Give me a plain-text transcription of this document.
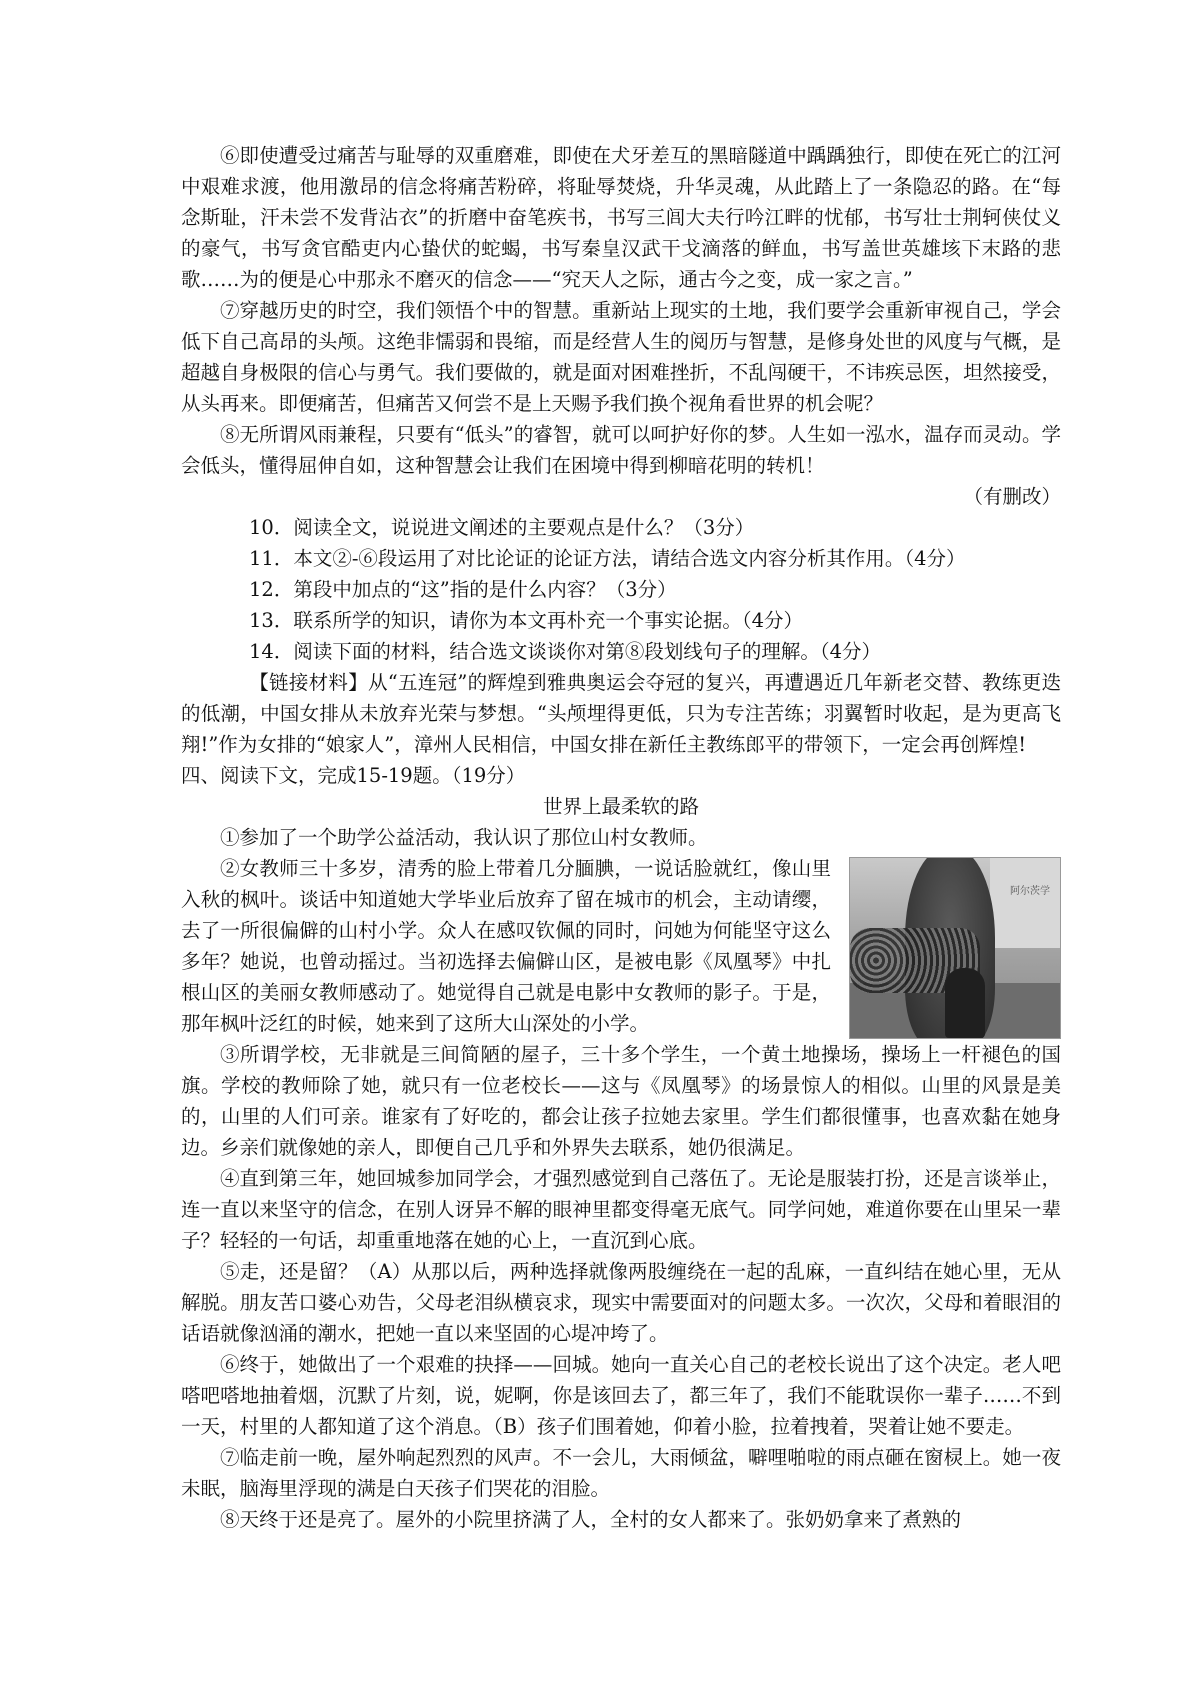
⑥即使遭受过痛苦与耻辱的双重磨难，即使在犬牙差互的黑暗隧道中踽踽独行，即使在死亡的江河中艰难求渡，他用激昂的信念将痛苦粉碎，将耻辱焚烧，升华灵魂，从此踏上了一条隐忍的路。在“每念斯耻，汗未尝不发背沾衣”的折磨中奋笔疾书，书写三闾大夫行吟江畔的忧郁，书写壮士荆轲侠仗义的豪气，书写贪官酷吏内心蛰伏的蛇蝎，书写秦皇汉武干戈滴落的鲜血，书写盖世英雄垓下末路的悲歌……为的便是心中那永不磨灭的信念——“究天人之际，通古今之变，成一家之言。”

⑦穿越历史的时空，我们领悟个中的智慧。重新站上现实的土地，我们要学会重新审视自己，学会低下自己高昂的头颅。这绝非懦弱和畏缩，而是经营人生的阅历与智慧，是修身处世的风度与气概，是超越自身极限的信心与勇气。我们要做的，就是面对困难挫折，不乱闯硬干，不讳疾忌医，坦然接受，从头再来。即便痛苦，但痛苦又何尝不是上天赐予我们换个视角看世界的机会呢？

⑧无所谓风雨兼程，只要有“低头”的睿智，就可以呵护好你的梦。人生如一泓水，温存而灵动。学会低头，懂得屈伸自如，这种智慧会让我们在困境中得到柳暗花明的转机！

（有删改）

10．阅读全文，说说进文阐述的主要观点是什么？（3分）

11．本文②-⑥段运用了对比论证的论证方法，请结合选文内容分析其作用。（4分）

12．第段中加点的“这”指的是什么内容？（3分）

13．联系所学的知识，请你为本文再朴充一个事实论据。（4分）

14．阅读下面的材料，结合选文谈谈你对第⑧段划线句子的理解。（4分）

【链接材料】从“五连冠”的辉煌到雅典奥运会夺冠的复兴，再遭遇近几年新老交替、教练更迭的低潮，中国女排从未放弃光荣与梦想。“头颅埋得更低，只为专注苦练；羽翼暂时收起，是为更高飞翔!”作为女排的“娘家人”，漳州人民相信，中国女排在新任主教练郎平的带领下，一定会再创辉煌!

四、阅读下文，完成15-19题。（19分）

世界上最柔软的路

①参加了一个助学公益活动，我认识了那位山村女教师。

阿尔茨学

②女教师三十多岁，清秀的脸上带着几分腼腆，一说话脸就红，像山里入秋的枫叶。谈话中知道她大学毕业后放弃了留在城市的机会，主动请缨，去了一所很偏僻的山村小学。众人在感叹钦佩的同时，问她为何能坚守这么多年？她说，也曾动摇过。当初选择去偏僻山区，是被电影《凤凰琴》中扎根山区的美丽女教师感动了。她觉得自己就是电影中女教师的影子。于是，那年枫叶泛红的时候，她来到了这所大山深处的小学。

③所谓学校，无非就是三间简陋的屋子，三十多个学生，一个黄土地操场，操场上一杆褪色的国旗。学校的教师除了她，就只有一位老校长——这与《凤凰琴》的场景惊人的相似。山里的风景是美的，山里的人们可亲。谁家有了好吃的，都会让孩子拉她去家里。学生们都很懂事，也喜欢黏在她身边。乡亲们就像她的亲人，即便自己几乎和外界失去联系，她仍很满足。

④直到第三年，她回城参加同学会，才强烈感觉到自己落伍了。无论是服装打扮，还是言谈举止，连一直以来坚守的信念，在别人讶异不解的眼神里都变得毫无底气。同学问她，难道你要在山里呆一辈子？轻轻的一句话，却重重地落在她的心上，一直沉到心底。

⑤走，还是留？（A）从那以后，两种选择就像两股缠绕在一起的乱麻，一直纠结在她心里，无从解脱。朋友苦口婆心劝告，父母老泪纵横哀求，现实中需要面对的问题太多。一次次，父母和着眼泪的话语就像汹涌的潮水，把她一直以来坚固的心堤冲垮了。

⑥终于，她做出了一个艰难的抉择——回城。她向一直关心自己的老校长说出了这个决定。老人吧嗒吧嗒地抽着烟，沉默了片刻，说，妮啊，你是该回去了，都三年了，我们不能耽误你一辈子……不到一天，村里的人都知道了这个消息。（B）孩子们围着她，仰着小脸，拉着拽着，哭着让她不要走。

⑦临走前一晚，屋外响起烈烈的风声。不一会儿，大雨倾盆，噼哩啪啦的雨点砸在窗棂上。她一夜未眠，脑海里浮现的满是白天孩子们哭花的泪脸。

⑧天终于还是亮了。屋外的小院里挤满了人，全村的女人都来了。张奶奶拿来了煮熟的
